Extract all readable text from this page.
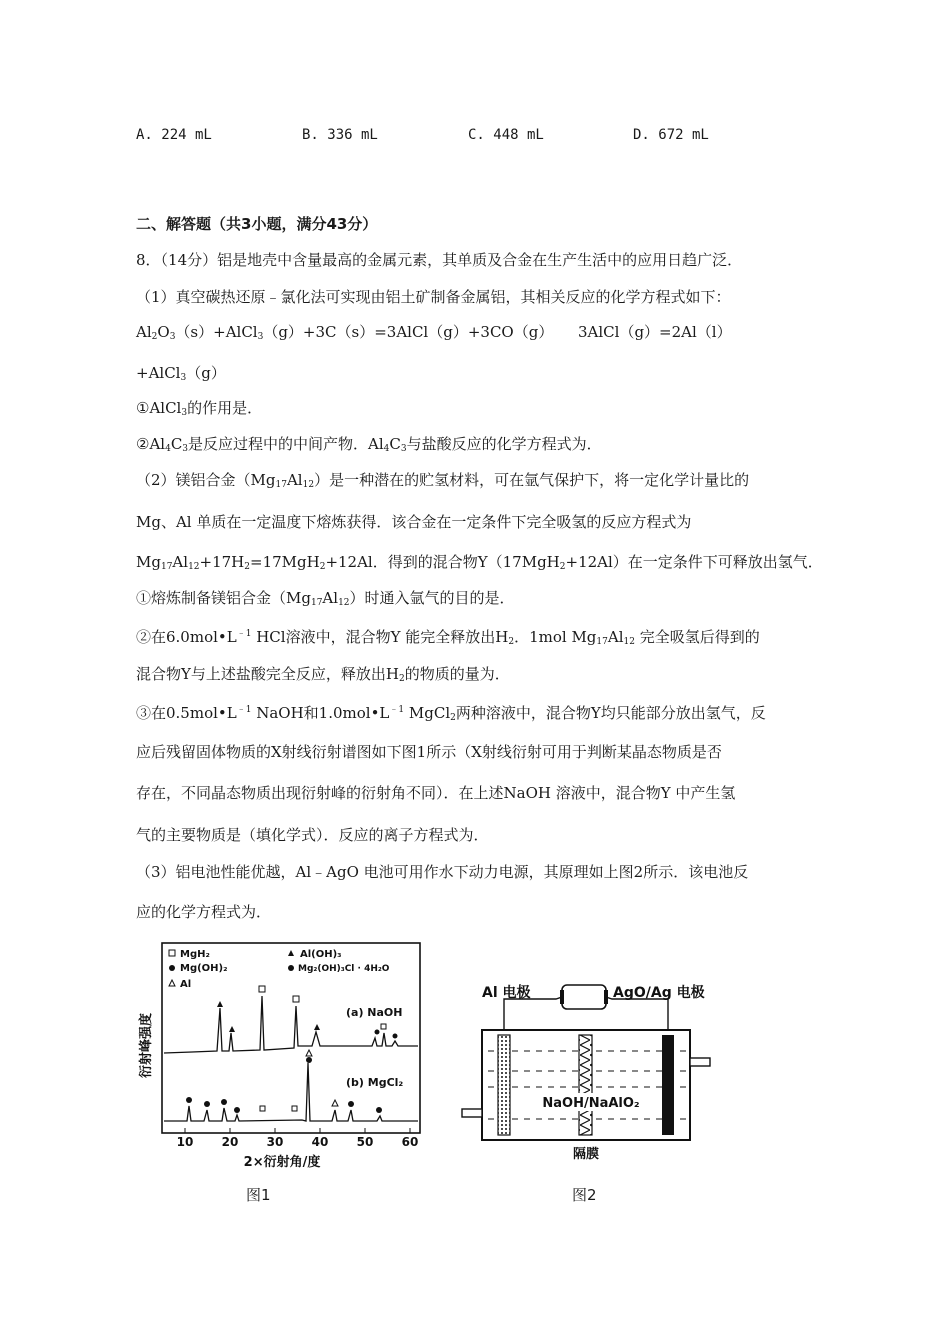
A. 224 mL	B. 336 mL	C. 448 mL	D. 672 mL
二、解答题（共3小题，满分43分）
8．（14分）铝是地壳中含量最高的金属元素，其单质及合金在生产生活中的应用日趋广泛．
（1）真空碳热还原﹣氯化法可实现由铝土矿制备金属铝，其相关反应的化学方程式如下：
$Al_2O_3(s)+AlCl_3(g)+3C(s)=3AlCl(g)+3CO(g)$ 3AlCl（g）=2Al（l）
+AlCl$_3$（g）
①AlCl$_3$的作用是．
$②Al_4C_3$是反应过程中的中间产物．$Al_4C_3$与盐酸反应的化学方程式为．
（2）镁铝合金$(Mg_{17}Al_{12})$是一种潜在的贮氢材料，可在氩气保护下，将一定化学计量比的
Mg、Al 单质在一定温度下熔炼获得．该合金在一定条件下完全吸氢的反应方程式为
$Mg_{17}Al_{12}+17H_2=17MgH_2+12Al$．得到的混合物Y（17MgH$_2$+12Al）在一定条件下可释放出氢气．
①熔炼制备镁铝合金$(Mg_{17}Al_{12})$时通入氩气的目的是．
②在$6.0mol•L^{﹣1}$ HCl溶液中，混合物Y 能完全释放出$H_2$．1mol $Mg_{17}Al_{12}$ 完全吸氢后得到的
混合物Y与上述盐酸完全反应，释放出$H_2$的物质的量为．
③在$0.5mol•L^{﹣1}$ NaOH和$1.0mol•L^{﹣1}$ MgCl$_2$两种溶液中，混合物Y均只能部分放出氢气，反
应后残留固体物质的X射线衍射谱图如下图1所示（X射线衍射可用于判断某晶态物质是否
存在，不同晶态物质出现衍射峰的衍射角不同）．在上述NaOH 溶液中，混合物Y 中产生氢
气的主要物质是（填化学式）．反应的离子方程式为．
（3）铝电池性能优越，Al﹣AgO 电池可用作水下动力电源，其原理如上图2所示．该电池反
应的化学方程式为．
MgH₂	Al(OH)₃
Mg(OH)₂	Mg₂(OH)₃Cl · 4H₂O
Al
衍射峰强度
(a) NaOH
(b) MgCl₂
10 20 30 40 50 60
2×衍射角/度
图1
Al 电极	AgO/Ag 电极
NaOH/NaAlO₂
隔膜
图2
